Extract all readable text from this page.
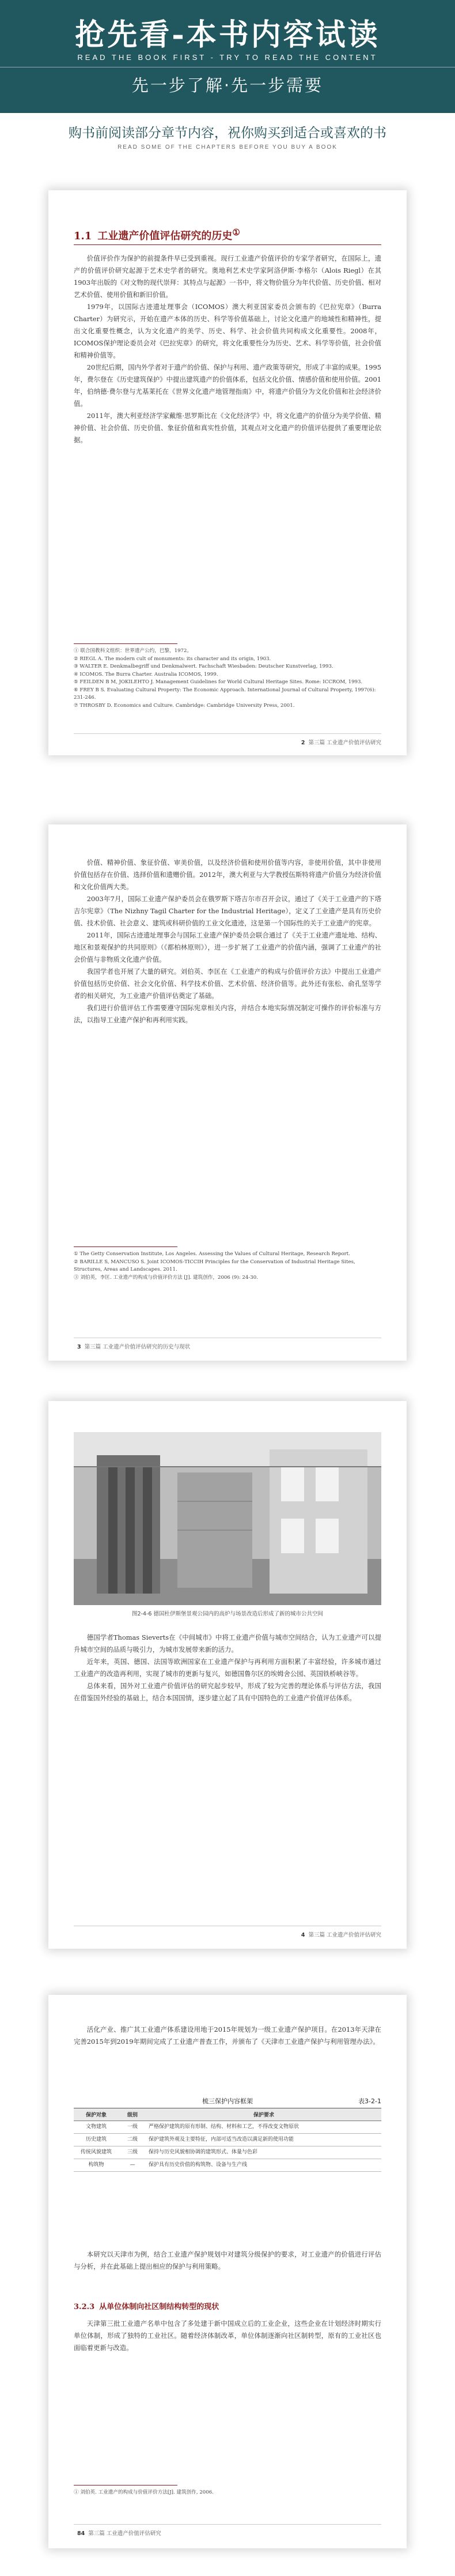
抢先看-本书内容试读
READ THE BOOK FIRST - TRY TO READ THE CONTENT
先一步了解·先一步需要
购书前阅读部分章节内容，祝你购买到适合或喜欢的书
READ SOME OF THE CHAPTERS BEFORE YOU BUY A BOOK
1.1 工业遗产价值评估研究的历史①

价值评价作为保护的前提条件早已受到重视。现行工业遗产价值评价的专家学者研究，在国际上，遗产的价值评价研究起源于艺术史学者的研究。奥地利艺术史学家阿洛伊斯·李格尔（Alois Riegl）在其1903年出版的《对文物的现代崇拜：其特点与起源》一书中，将文物价值分为年代价值、历史价值、相对艺术价值、使用价值和新旧价值。

1979年，以国际古迹遗址理事会（ICOMOS）澳大利亚国家委员会颁布的《巴拉宪章》（Burra Charter）为研究示，开始在遗产本体的历史、科学等价值基础上，讨论文化遗产的地域性和精神性，提出文化重要性概念，认为文化遗产的美学、历史、科学、社会价值共同构成文化重要性。2008年，ICOMOS保护理论委员会对《巴拉宪章》的研究，将文化重要性分为历史、艺术、科学等价值，社会价值和精神价值等。

20世纪后期，国内外学者对于遗产的价值、保护与利用、遗产政策等研究，形成了丰富的成果。1995年，费尔登在《历史建筑保护》中提出建筑遗产的价值体系，包括文化价值、情感价值和使用价值。2001年，伯纳德·费尔登与尤基莱托在《世界文化遗产地管理指南》中，将遗产价值分为文化价值和社会经济价值。

2011年，澳大利亚经济学家戴维·思罗斯比在《文化经济学》中，将文化遗产的价值分为美学价值、精神价值、社会价值、历史价值、象征价值和真实性价值，其观点对文化遗产的价值评估提供了重要理论依据。

① 联合国教科文组织：世界遗产公约，巴黎，1972。

② RIEGL A. The modern cult of monuments: its character and its origin, 1903.

③ WALTER E. Denkmalbegriff und Denkmalwert. Fachschaft Wiesbaden: Deutscher Kunstverlag, 1993.

④ ICOMOS. The Burra Charter. Australia ICOMOS, 1999.

⑤ FEILDEN B M, JOKILEHTO J. Management Guidelines for World Cultural Heritage Sites. Rome: ICCROM, 1993.

⑥ FREY B S. Evaluating Cultural Property: The Economic Approach. International Journal of Cultural Property, 1997(6): 231-246.

⑦ THROSBY D. Economics and Culture. Cambridge: Cambridge University Press, 2001.

2 第三篇 工业遗产价值评估研究

价值、精神价值、象征价值、审美价值，以及经济价值和使用价值等内容，非使用价值，其中非使用价值包括存在价值、选择价值和遗赠价值。2012年，澳大利亚与大学教授伍斯特将遗产价值分为经济价值和文化价值两大类。

2003年7月，国际工业遗产保护委员会在俄罗斯下塔吉尔市召开会议，通过了《关于工业遗产的下塔吉尔宪章》（The Nizhny Tagil Charter for the Industrial Heritage），定义了工业遗产是具有历史价值、技术价值、社会意义、建筑或科研价值的工业文化遗迹，这是第一个国际性的关于工业遗产的宪章。

2011年，国际古迹遗址理事会与国际工业遗产保护委员会联合通过了《关于工业遗产遗址地、结构、地区和景观保护的共同原则》（《都柏林原则》），进一步扩展了工业遗产的价值内涵，强调了工业遗产的社会价值与非物质文化遗产价值。

我国学者也开展了大量的研究。刘伯英、李匡在《工业遗产的构成与价值评价方法》中提出工业遗产价值包括历史价值、社会文化价值、科学技术价值、艺术价值、经济价值等。此外还有张松、俞孔坚等学者的相关研究，为工业遗产价值评估奠定了基础。

我们进行价值评估工作需要遵守国际宪章相关内容，并结合本地实际情况制定可操作的评价标准与方法，以指导工业遗产保护和再利用实践。

① The Getty Conservation Institute, Los Angeles. Assessing the Values of Cultural Heritage, Research Report.

② BARILLE S, MANCUSO S. Joint ICOMOS-TICCIH Principles for the Conservation of Industrial Heritage Sites, Structures, Areas and Landscapes. 2011.

③ 刘伯英，李匡. 工业遗产的构成与价值评价方法 [J]. 建筑创作，2006 (9): 24-30.

3 第三篇 工业遗产价值评估研究的历史与现状
图2-4-6 德国杜伊斯堡景观公园内的高炉与场景改造后形成了新的城市公共空间

德国学者Thomas Sieverts在《中间城市》中将工业遗产价值与城市空间结合，认为工业遗产可以提升城市空间的品质与吸引力，为城市发展带来新的活力。

近年来，英国、德国、法国等欧洲国家在工业遗产保护与再利用方面积累了丰富经验，许多城市通过工业遗产的改造再利用，实现了城市的更新与复兴，如德国鲁尔区的埃姆舍公园、英国铁桥峡谷等。

总体来看，国外对工业遗产价值评估的研究起步较早，形成了较为完善的理论体系与评估方法，我国在借鉴国外经验的基础上，结合本国国情，逐步建立起了具有中国特色的工业遗产价值评估体系。

4 第三篇 工业遗产价值评估研究

活化产业、推广其工业遗产体系建设用地于2015年规划为一级工业遗产保护项目。在2013年天津在完善2015年到2019年期间完成了工业遗产普查工作，并颁布了《天津市工业遗产保护与利用管理办法》。

梳三保护内容框架	表3-2-1
保护对象	级别	保护要求
文物建筑	一级	严格保护建筑的原有形制、结构、材料和工艺，不得改变文物原状
历史建筑	二级	保护建筑外观及主要特征，内部可适当改造以满足新的使用功能
传统风貌建筑	三级	保持与历史风貌相协调的建筑形式、体量与色彩
构筑物	—	保护具有历史价值的构筑物、设备与生产线

本研究以天津市为例，结合工业遗产保护规划中对建筑分级保护的要求，对工业遗产的价值进行评估与分析，并在此基础上提出相应的保护与利用策略。

3.2.3 从单位体制向社区制结构转型的现状

天津第三批工业遗产名单中包含了多处建于新中国成立后的工业企业，这些企业在计划经济时期实行单位体制，形成了独特的工业社区。随着经济体制改革，单位体制逐渐向社区制转型，原有的工业社区也面临着更新与改造。

① 刘伯英. 工业遗产的构成与价值评价方法[J]. 建筑创作, 2006.

84 第三篇 工业遗产价值评估研究
